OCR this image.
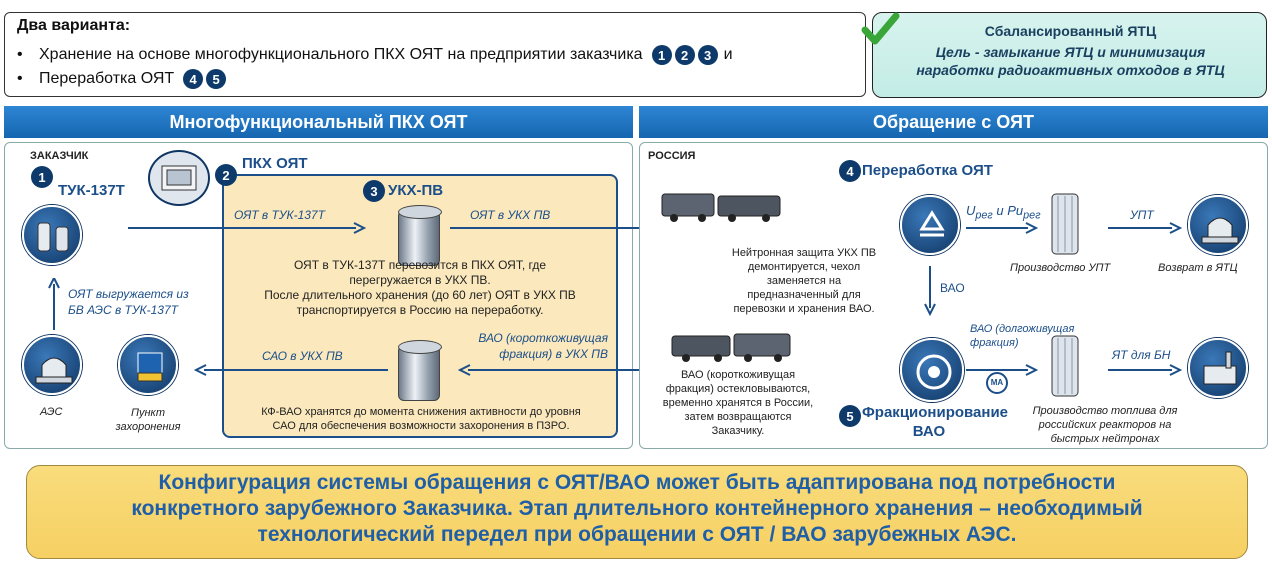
Два варианта:
•	Хранение на основе многофункционального ПКХ ОЯТ на предприятии заказчика	1	2	3 и
•	Переработка ОЯТ	4	5
Сбалансированный ЯТЦ
Цель - замыкание ЯТЦ и минимизация
наработки радиоактивных отходов в ЯТЦ
Многофункциональный ПКХ ОЯТ	Обращение с ОЯТ
ЗАКАЗЧИК
1
ТУК-137Т
2
ПКХ ОЯТ
3 УКХ-ПВ
ОЯТ в ТУК-137Т	ОЯТ в УКХ ПВ
ОЯТ в ТУК-137Т перевозится в ПКХ ОЯТ, где
перегружается в УКХ ПВ.
После длительного хранения (до 60 лет) ОЯТ в УКХ ПВ
транспортируется в Россию на переработку.
ОЯТ выгружается из
БВ АЭС в ТУК-137Т
ВАО (короткоживущая
фракция) в УКХ ПВ
САО в УКХ ПВ
АЭС	Пункт
захоронения
КФ-ВАО хранятся до момента снижения активности до уровня
САО для обеспечения возможности захоронения в ПЗРО.
РОССИЯ
4 Переработка ОЯТ
$U_{рег}$ и $Pu_{рег}$
Производство УПТ
УПТ
Возврат в ЯТЦ
Нейтронная защита УКХ ПВ
демонтируется, чехол
заменяется на
предназначенный для
перевозки и хранения ВАО.
ВАО
ВАО (короткоживущая
фракция) остекловываются,
временно хранятся в России,
затем возвращаются
Заказчику.
ВАО (долгоживущая
фракция)
MA
ЯТ для БН
5 Фракционирование
ВАО
Производство топлива для
российских реакторов на
быстрых нейтронах
Конфигурация системы обращения с ОЯТ/ВАО может быть адаптирована под потребности
конкретного зарубежного Заказчика. Этап длительного контейнерного хранения – необходимый
технологический передел при обращении с ОЯТ / ВАО зарубежных АЭС.
